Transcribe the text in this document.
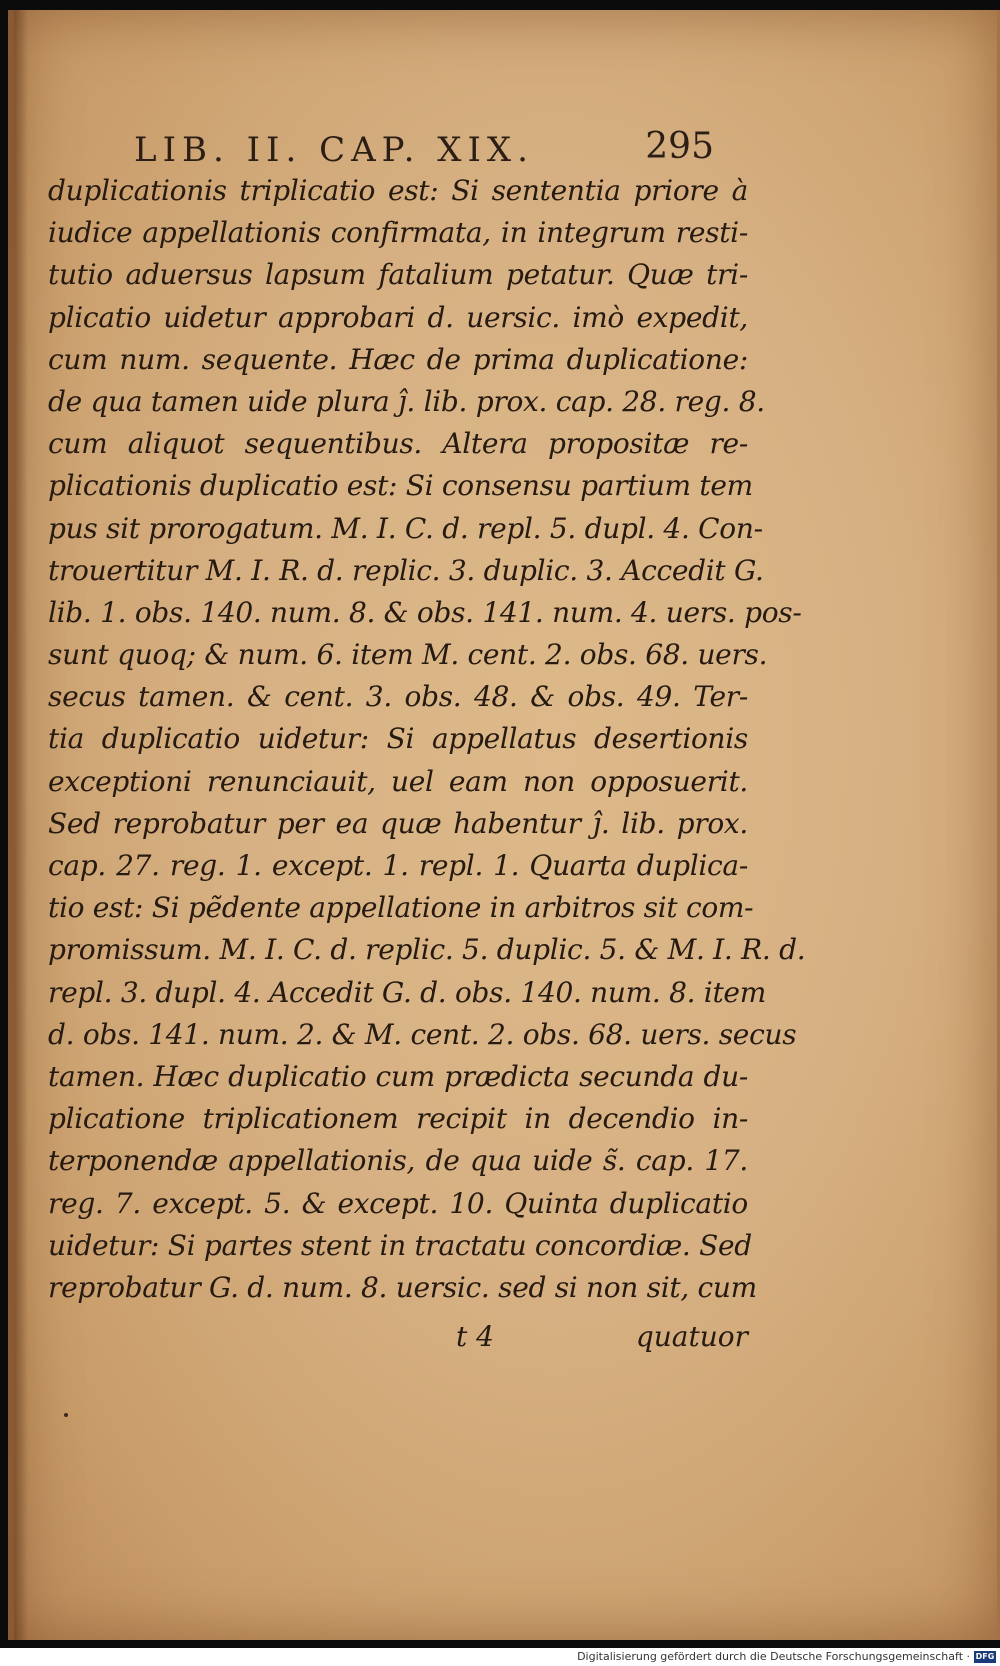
LIB. II. CAP. XIX.	295
duplicationis triplicatio est: Si sententia priore à
iudice appellationis confirmata, in integrum resti-
tutio aduersus lapsum fatalium petatur. Quæ tri-
plicatio uidetur approbari d. uersic. imò expedit,
cum num. sequente. Hæc de prima duplicatione:
de qua tamen uide plura ĵ. lib. prox. cap. 28. reg. 8.
cum aliquot sequentibus. Altera propositæ re-
plicationis duplicatio est: Si consensu partium tem
pus sit prorogatum. M. I. C. d. repl. 5. dupl. 4. Con-
trouertitur M. I. R. d. replic. 3. duplic. 3. Accedit G.
lib. 1. obs. 140. num. 8. & obs. 141. num. 4. uers. pos-
sunt quoq; & num. 6. item M. cent. 2. obs. 68. uers.
secus tamen. & cent. 3. obs. 48. & obs. 49. Ter-
tia duplicatio uidetur: Si appellatus desertionis
exceptioni renunciauit, uel eam non opposuerit.
Sed reprobatur per ea quæ habentur ĵ. lib. prox.
cap. 27. reg. 1. except. 1. repl. 1. Quarta duplica-
tio est: Si pẽdente appellatione in arbitros sit com-
promissum. M. I. C. d. replic. 5. duplic. 5. & M. I. R. d.
repl. 3. dupl. 4. Accedit G. d. obs. 140. num. 8. item
d. obs. 141. num. 2. & M. cent. 2. obs. 68. uers. secus
tamen. Hæc duplicatio cum prædicta secunda du-
plicatione triplicationem recipit in decendio in-
terponendæ appellationis, de qua uide s̃. cap. 17.
reg. 7. except. 5. & except. 10. Quinta duplicatio
uidetur: Si partes stent in tractatu concordiæ. Sed
reprobatur G. d. num. 8. uersic. sed si non sit, cum
t 4	quatuor
Digitalisierung gefördert durch die Deutsche Forschungsgemeinschaft · DFG
